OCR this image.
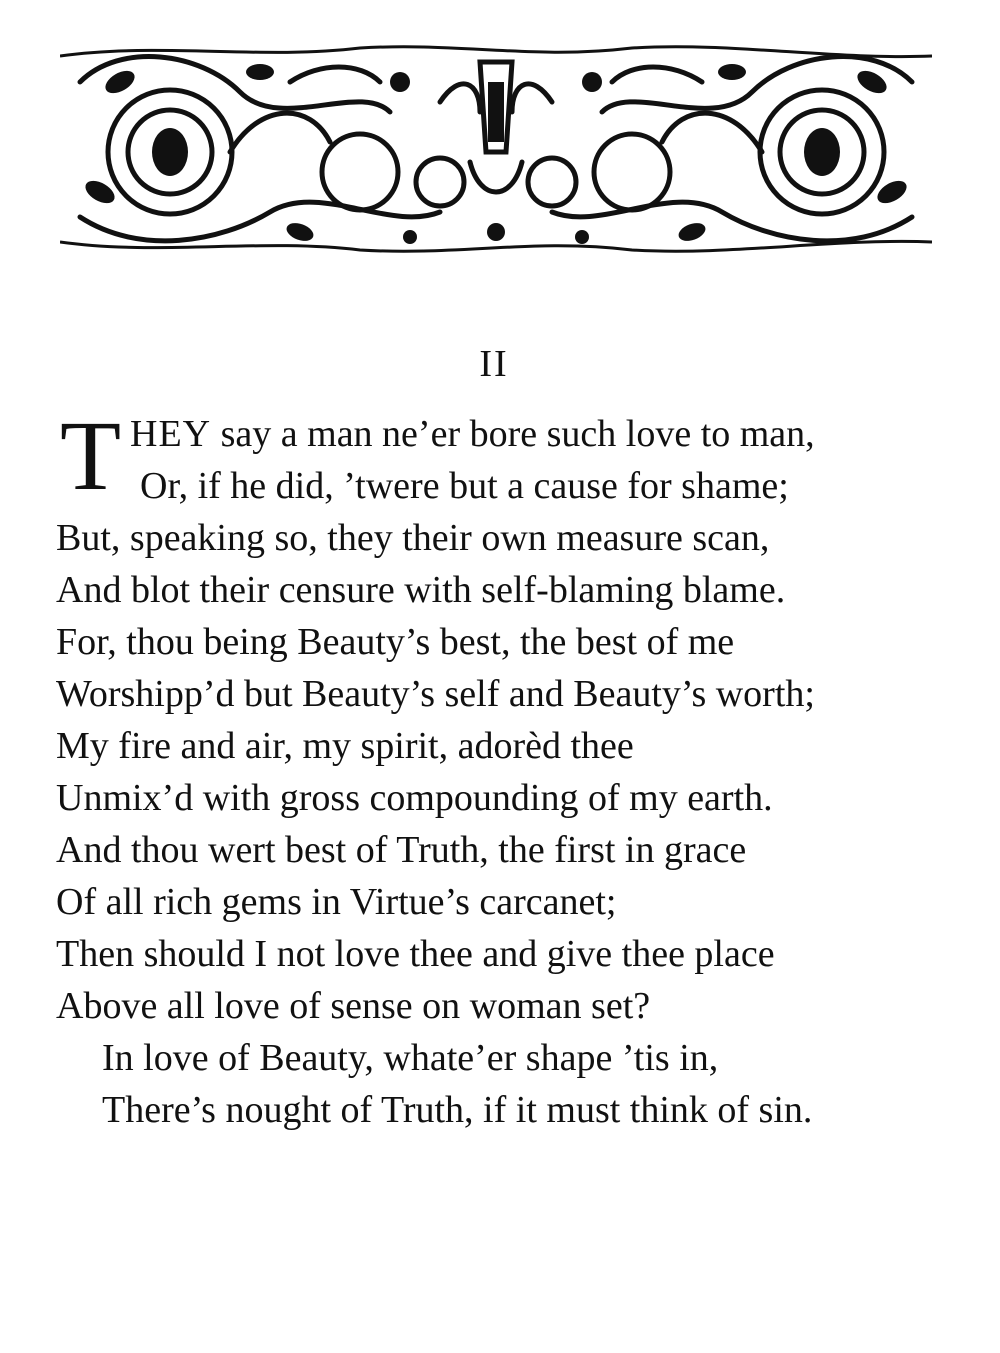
II
T HEY say a man ne’er bore such love to man,
Or, if he did, ’twere but a cause for shame;
But, speaking so, they their own measure scan,
And blot their censure with self-blaming blame.
For, thou being Beauty’s best, the best of me
Worshipp’d but Beauty’s self and Beauty’s worth;
My fire and air, my spirit, adorèd thee
Unmix’d with gross compounding of my earth.
And thou wert best of Truth, the first in grace
Of all rich gems in Virtue’s carcanet;
Then should I not love thee and give thee place
Above all love of sense on woman set?
In love of Beauty, whate’er shape ’tis in,
There’s nought of Truth, if it must think of sin.
